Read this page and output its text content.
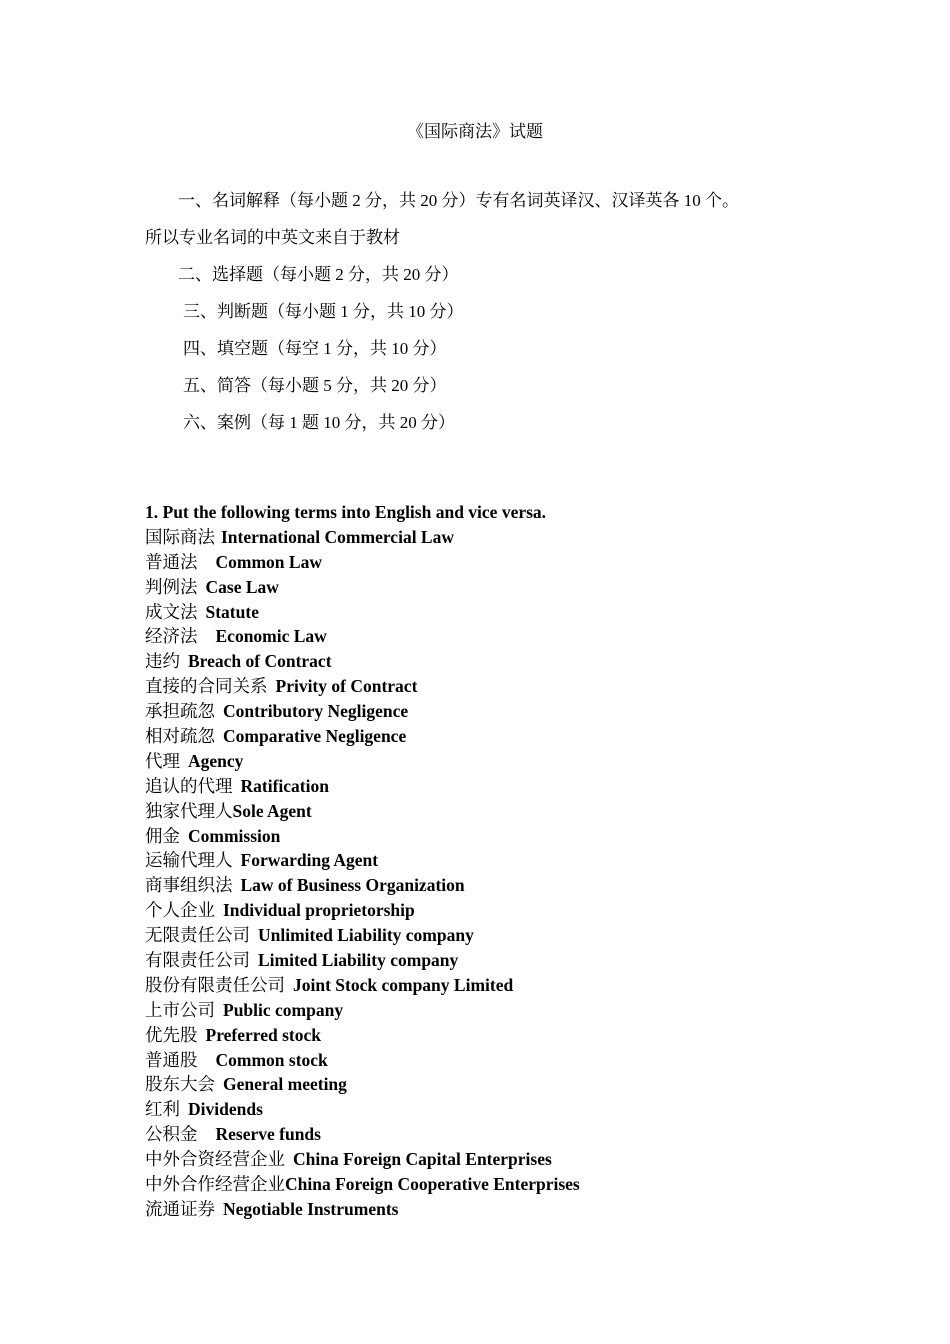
《国际商法》试题
一、名词解释（每小题 2 分，共 20 分）专有名词英译汉、汉译英各 10 个。
所以专业名词的中英文来自于教材
二、选择题（每小题 2 分，共 20 分）
三、判断题（每小题 1 分，共 10 分）
四、填空题（每空 1 分，共 10 分）
五、简答（每小题 5 分，共 20 分）
六、案例（每 1 题 10 分，共 20 分）
1. Put the following terms into English and vice versa.
国际商法 International Commercial Law
普通法 Common Law
判例法 Case Law
成文法 Statute
经济法 Economic Law
违约 Breach of Contract
直接的合同关系 Privity of Contract
承担疏忽 Contributory Negligence
相对疏忽 Comparative Negligence
代理 Agency
追认的代理 Ratification
独家代理人Sole Agent
佣金 Commission
运输代理人 Forwarding Agent
商事组织法 Law of Business Organization
个人企业 Individual proprietorship
无限责任公司 Unlimited Liability company
有限责任公司 Limited Liability company
股份有限责任公司 Joint Stock company Limited
上市公司 Public company
优先股 Preferred stock
普通股 Common stock
股东大会 General meeting
红利 Dividends
公积金 Reserve funds
中外合资经营企业 China Foreign Capital Enterprises
中外合作经营企业China Foreign Cooperative Enterprises
流通证券 Negotiable Instruments
